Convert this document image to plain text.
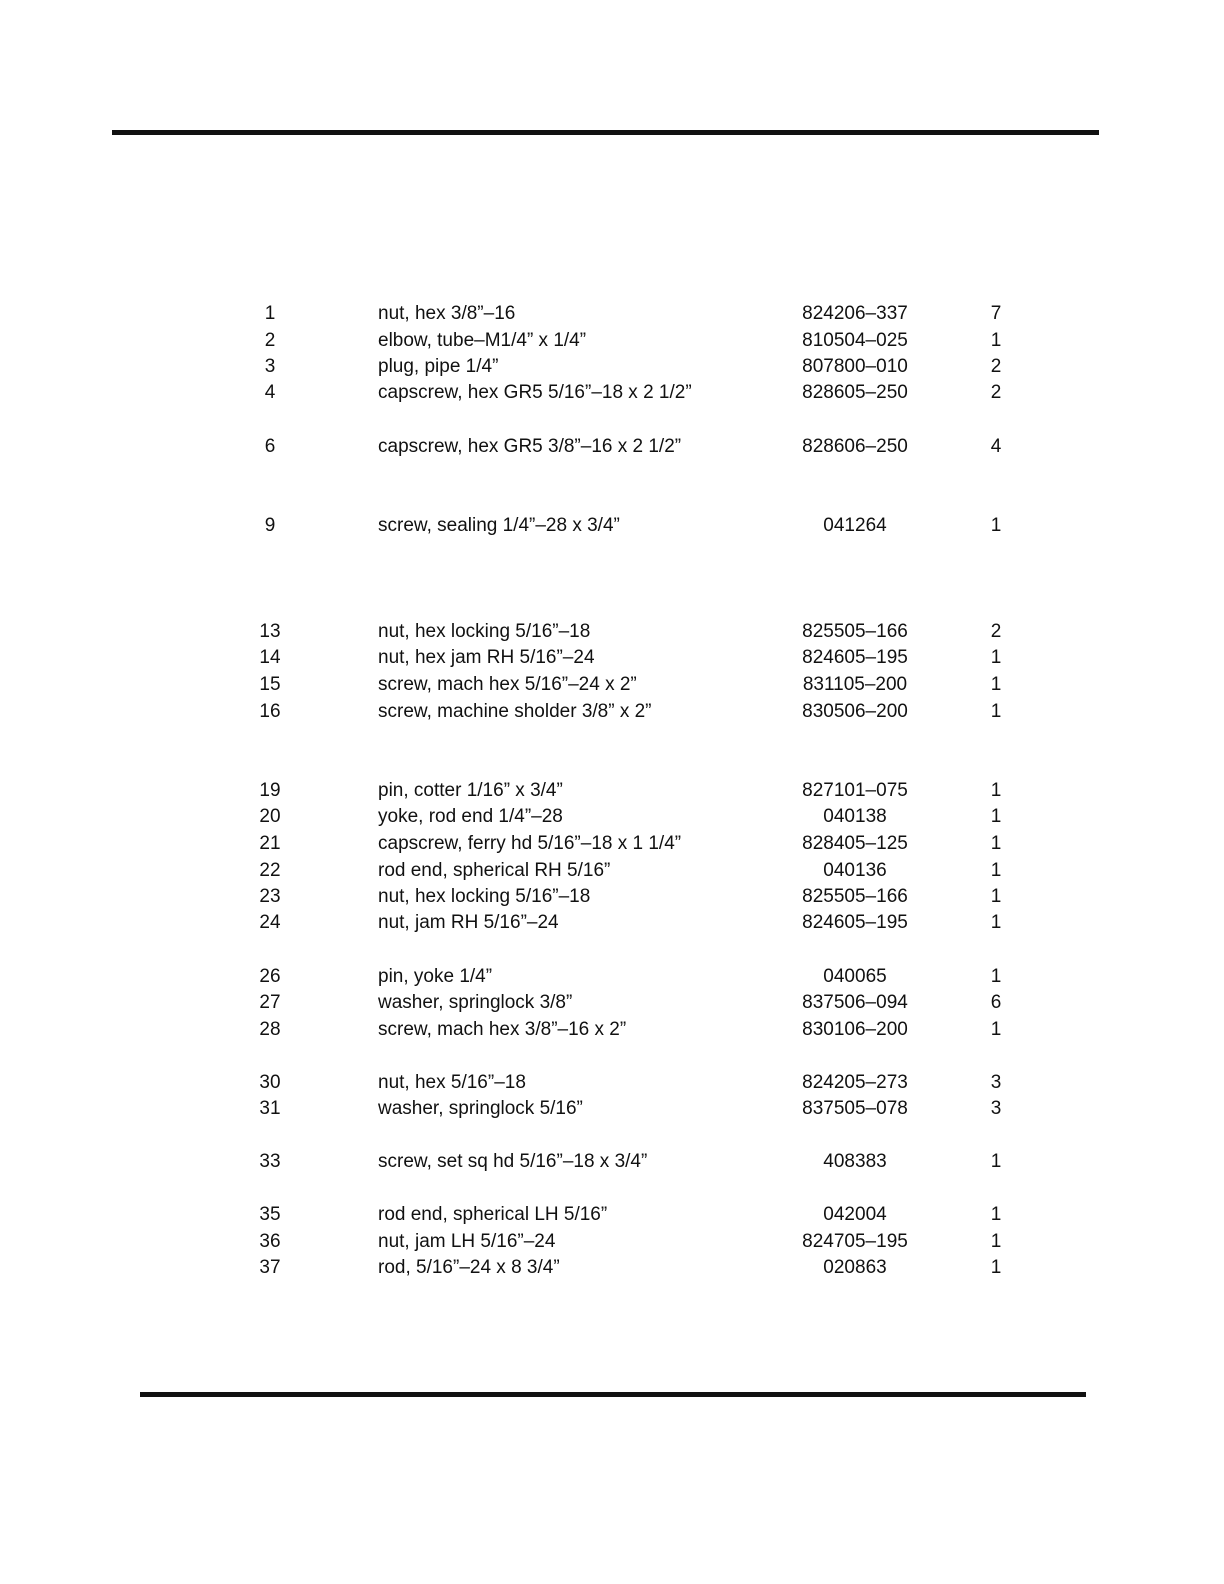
1	nut, hex 3/8”–16	824206–337	7
2	elbow, tube–M1/4” x 1/4”	810504–025	1
3	plug, pipe 1/4”	807800–010	2
4	capscrew, hex GR5 5/16”–18 x 2 1/2”	828605–250	2
6	capscrew, hex GR5 3/8”–16 x 2 1/2”	828606–250	4
9	screw, sealing 1/4”–28 x 3/4”	041264	1
13	nut, hex locking 5/16”–18	825505–166	2
14	nut, hex jam RH 5/16”–24	824605–195	1
15	screw, mach hex 5/16”–24 x 2”	831105–200	1
16	screw, machine sholder 3/8” x 2”	830506–200	1
19	pin, cotter 1/16” x 3/4”	827101–075	1
20	yoke, rod end 1/4”–28	040138	1
21	capscrew, ferry hd 5/16”–18 x 1 1/4”	828405–125	1
22	rod end, spherical RH 5/16”	040136	1
23	nut, hex locking 5/16”–18	825505–166	1
24	nut, jam RH 5/16”–24	824605–195	1
26	pin, yoke 1/4”	040065	1
27	washer, springlock 3/8”	837506–094	6
28	screw, mach hex 3/8”–16 x 2”	830106–200	1
30	nut, hex 5/16”–18	824205–273	3
31	washer, springlock 5/16”	837505–078	3
33	screw, set sq hd 5/16”–18 x 3/4”	408383	1
35	rod end, spherical LH 5/16”	042004	1
36	nut, jam LH 5/16”–24	824705–195	1
37	rod, 5/16”–24 x 8 3/4”	020863	1
